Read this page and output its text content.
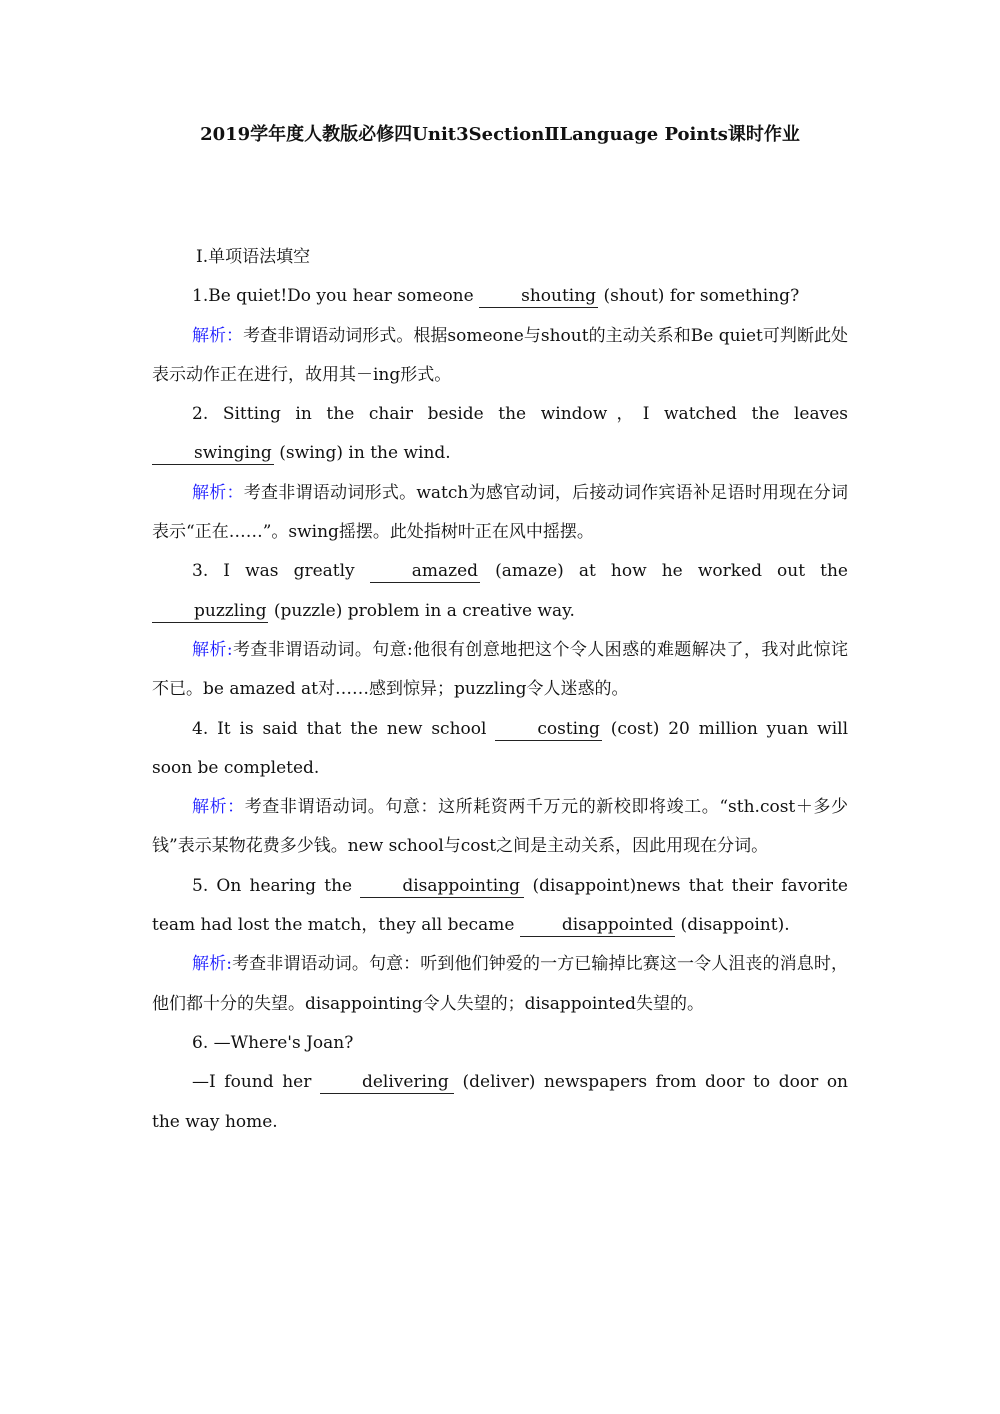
2019学年度人教版必修四Unit3SectionⅡLanguage Points课时作业

Ⅰ.单项语法填空

1.Be quiet!Do you hear someone shouting (shout) for something?

解析：考查非谓语动词形式。根据someone与shout的主动关系和Be quiet可判断此处表示动作正在进行，故用其－ing形式。

2. Sitting in the chair beside the window，I watched the leaves swinging (swing) in the wind.

解析：考查非谓语动词形式。watch为感官动词，后接动词作宾语补足语时用现在分词表示“正在……”。swing摇摆。此处指树叶正在风中摇摆。

3. I was greatly amazed (amaze) at how he worked out the puzzling (puzzle) problem in a creative way.

解析:考查非谓语动词。句意:他很有创意地把这个令人困惑的难题解决了，我对此惊诧不已。be amazed at对……感到惊异；puzzling令人迷惑的。

4. It is said that the new school costing (cost) 20 million yuan will soon be completed.

解析：考查非谓语动词。句意：这所耗资两千万元的新校即将竣工。“sth.cost＋多少钱”表示某物花费多少钱。new school与cost之间是主动关系，因此用现在分词。

5. On hearing the disappointing (disappoint)news that their favorite team had lost the match，they all became disappointed (disappoint).

解析:考查非谓语动词。句意：听到他们钟爱的一方已输掉比赛这一令人沮丧的消息时，他们都十分的失望。disappointing令人失望的；disappointed失望的。

6. —Where's Joan?

—I found her delivering (deliver) newspapers from door to door on the way home.
